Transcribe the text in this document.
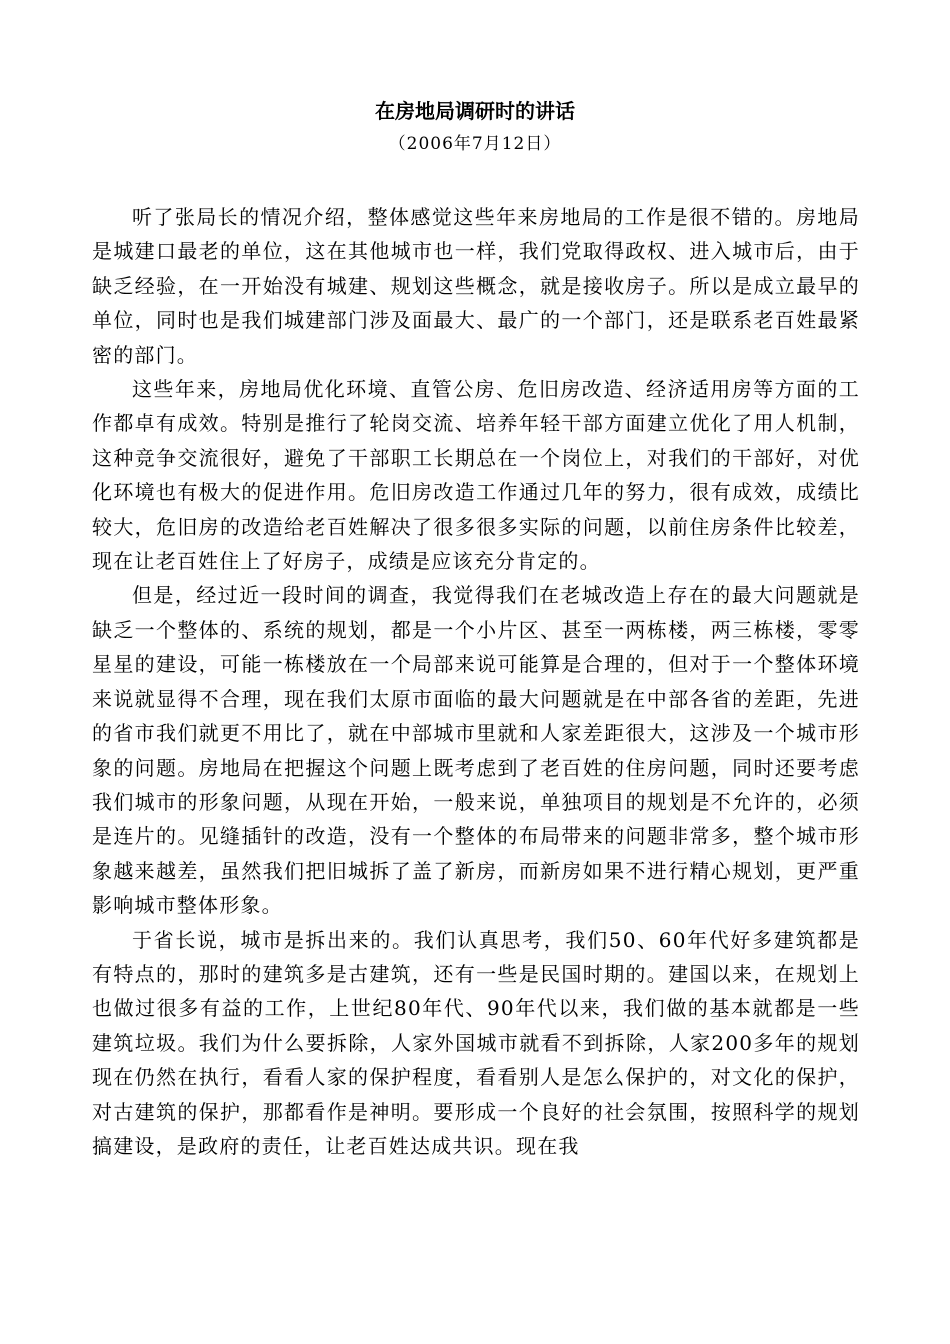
在房地局调研时的讲话
（2006年7月12日）

听了张局长的情况介绍，整体感觉这些年来房地局的工作是很不错的。房地局是城建口最老的单位，这在其他城市也一样，我们党取得政权、进入城市后，由于缺乏经验，在一开始没有城建、规划这些概念，就是接收房子。所以是成立最早的单位，同时也是我们城建部门涉及面最大、最广的一个部门，还是联系老百姓最紧密的部门。

这些年来，房地局优化环境、直管公房、危旧房改造、经济适用房等方面的工作都卓有成效。特别是推行了轮岗交流、培养年轻干部方面建立优化了用人机制，这种竞争交流很好，避免了干部职工长期总在一个岗位上，对我们的干部好，对优化环境也有极大的促进作用。危旧房改造工作通过几年的努力，很有成效，成绩比较大，危旧房的改造给老百姓解决了很多很多实际的问题，以前住房条件比较差，现在让老百姓住上了好房子，成绩是应该充分肯定的。

但是，经过近一段时间的调查，我觉得我们在老城改造上存在的最大问题就是缺乏一个整体的、系统的规划，都是一个小片区、甚至一两栋楼，两三栋楼，零零星星的建设，可能一栋楼放在一个局部来说可能算是合理的，但对于一个整体环境来说就显得不合理，现在我们太原市面临的最大问题就是在中部各省的差距，先进的省市我们就更不用比了，就在中部城市里就和人家差距很大，这涉及一个城市形象的问题。房地局在把握这个问题上既考虑到了老百姓的住房问题，同时还要考虑我们城市的形象问题，从现在开始，一般来说，单独项目的规划是不允许的，必须是连片的。见缝插针的改造，没有一个整体的布局带来的问题非常多，整个城市形象越来越差，虽然我们把旧城拆了盖了新房，而新房如果不进行精心规划，更严重影响城市整体形象。

于省长说，城市是拆出来的。我们认真思考，我们50、60年代好多建筑都是有特点的，那时的建筑多是古建筑，还有一些是民国时期的。建国以来，在规划上也做过很多有益的工作，上世纪80年代、90年代以来，我们做的基本就都是一些建筑垃圾。我们为什么要拆除，人家外国城市就看不到拆除，人家200多年的规划现在仍然在执行，看看人家的保护程度，看看别人是怎么保护的，对文化的保护，对古建筑的保护，那都看作是神明。要形成一个良好的社会氛围，按照科学的规划搞建设，是政府的责任，让老百姓达成共识。现在我
